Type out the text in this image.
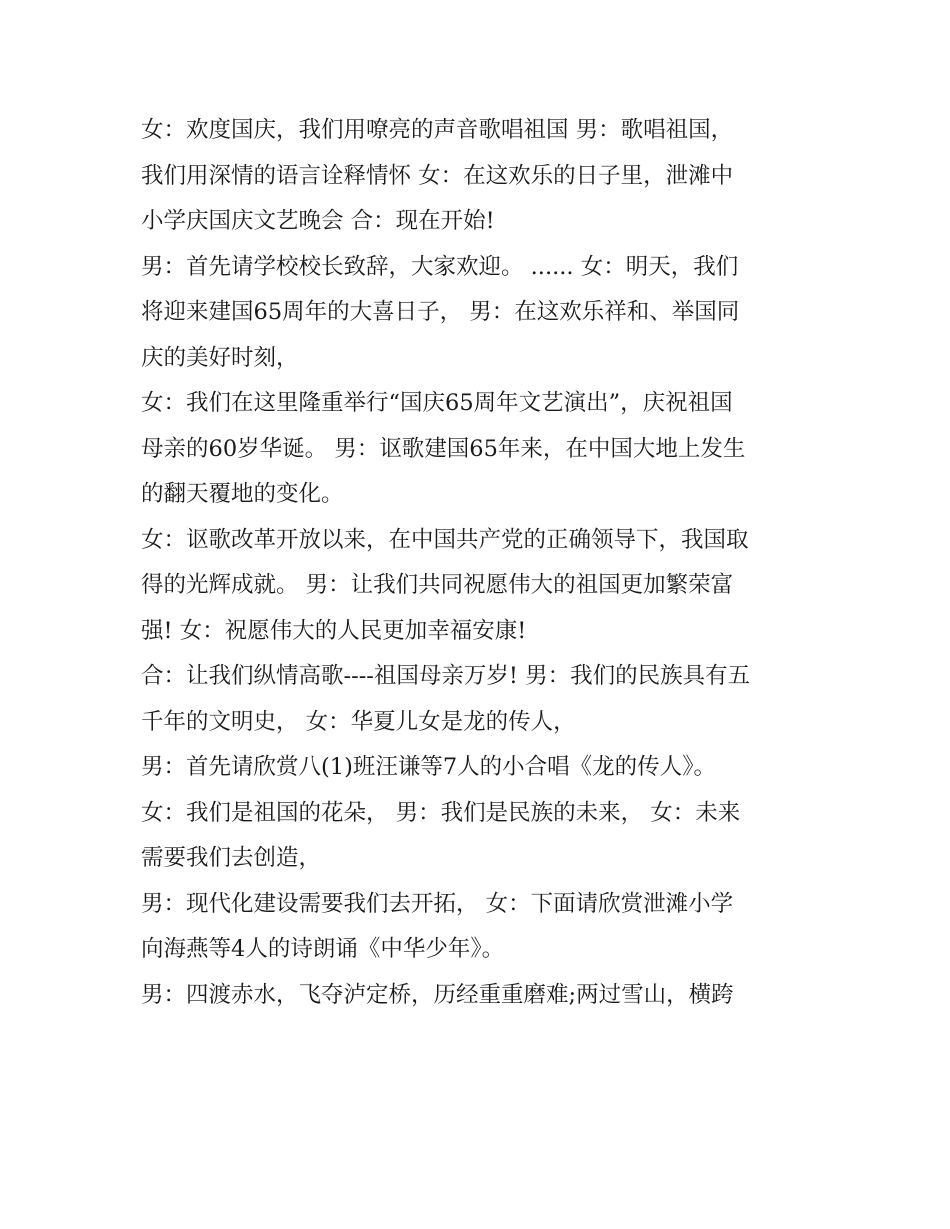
女：欢度国庆，我们用嘹亮的声音歌唱祖国 男：歌唱祖国，
我们用深情的语言诠释情怀 女：在这欢乐的日子里，泄滩中
小学庆国庆文艺晚会 合：现在开始!
男：首先请学校校长致辞，大家欢迎。 ...... 女：明天，我们
将迎来建国65周年的大喜日子， 男：在这欢乐祥和、举国同
庆的美好时刻，
女：我们在这里隆重举行“国庆65周年文艺演出”，庆祝祖国
母亲的60岁华诞。 男：讴歌建国65年来，在中国大地上发生
的翻天覆地的变化。
女：讴歌改革开放以来，在中国共产党的正确领导下，我国取
得的光辉成就。 男：让我们共同祝愿伟大的祖国更加繁荣富
强! 女：祝愿伟大的人民更加幸福安康!
合：让我们纵情高歌----祖国母亲万岁! 男：我们的民族具有五
千年的文明史， 女：华夏儿女是龙的传人，
男：首先请欣赏八(1)班汪谦等7人的小合唱《龙的传人》。
女：我们是祖国的花朵， 男：我们是民族的未来， 女：未来
需要我们去创造，
男：现代化建设需要我们去开拓， 女：下面请欣赏泄滩小学
向海燕等4人的诗朗诵《中华少年》。
男：四渡赤水，飞夺泸定桥，历经重重磨难;两过雪山，横跨
